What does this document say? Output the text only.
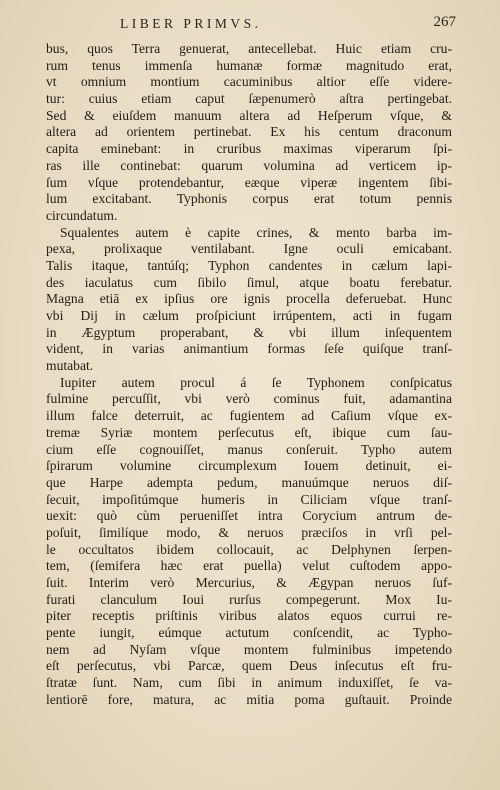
LIBER PRIMVS.	267
bus, quos Terra genuerat, antecellebat. Huic etiam cru-
rum tenus immenſa humanæ formæ magnitudo erat,
vt omnium montium cacuminibus altior eſſe videre-
tur: cuius etiam caput ſæpenumerò aſtra pertingebat.
Sed & eiuſdem manuum altera ad Heſperum vſque, &
altera ad orientem pertinebat. Ex his centum draconum
capita eminebant: in cruribus maximas viperarum ſpi-
ras ille continebat: quarum volumina ad verticem ip-
ſum vſque protendebantur, eæque viperæ ingentem ſibi-
lum excitabant. Typhonis corpus erat totum pennis
circundatum.
Squalentes autem è capite crines, & mento barba im-
pexa, prolixaque ventilabant. Igne oculi emicabant.
Talis itaque, tantúſq; Typhon candentes in cælum lapi-
des iaculatus cum ſibilo ſimul, atque boatu ferebatur.
Magna etiā ex ipſius ore ignis procella deferuebat. Hunc
vbi Dij in cælum proſpiciunt irrúpentem, acti in fugam
in Ægyptum properabant, & vbi illum inſequentem
vident, in varias animantium formas ſeſe quiſque tranſ-
mutabat.
Iupiter autem procul á ſe Typhonem conſpicatus
fulmine percuſſit, vbi verò cominus fuit, adamantina
illum falce deterruit, ac fugientem ad Caſium vſque ex-
tremæ Syriæ montem perſecutus eſt, ibique cum ſau-
cium eſſe cognouiſſet, manus conſeruit. Typho autem
ſpirarum volumine circumplexum Iouem detinuit, ei-
que Harpe adempta pedum, manuúmque neruos diſ-
ſecuit, impoſitúmque humeris in Ciliciam vſque tranſ-
uexit: quò cùm perueniſſet intra Corycium antrum de-
poſuit, ſimilíque modo, & neruos præciſos in vrſi pel-
le occultatos ibidem collocauit, ac Delphynen ſerpen-
tem, (ſemifera hæc erat puella) velut cuſtodem appo-
ſuit. Interim verò Mercurius, & Ægypan neruos ſuf-
furati clanculum Ioui rurſus compegerunt. Mox Iu-
piter receptis priſtinis viribus alatos equos currui re-
pente iungit, eúmque actutum conſcendit, ac Typho-
nem ad Nyſam vſque montem fulminibus impetendo
eſt perſecutus, vbi Parcæ, quem Deus inſecutus eſt fru-
ſtratæ ſunt. Nam, cum ſibi in animum induxiſſet, ſe va-
lentiorē fore, matura, ac mitia poma guſtauit. Proinde
